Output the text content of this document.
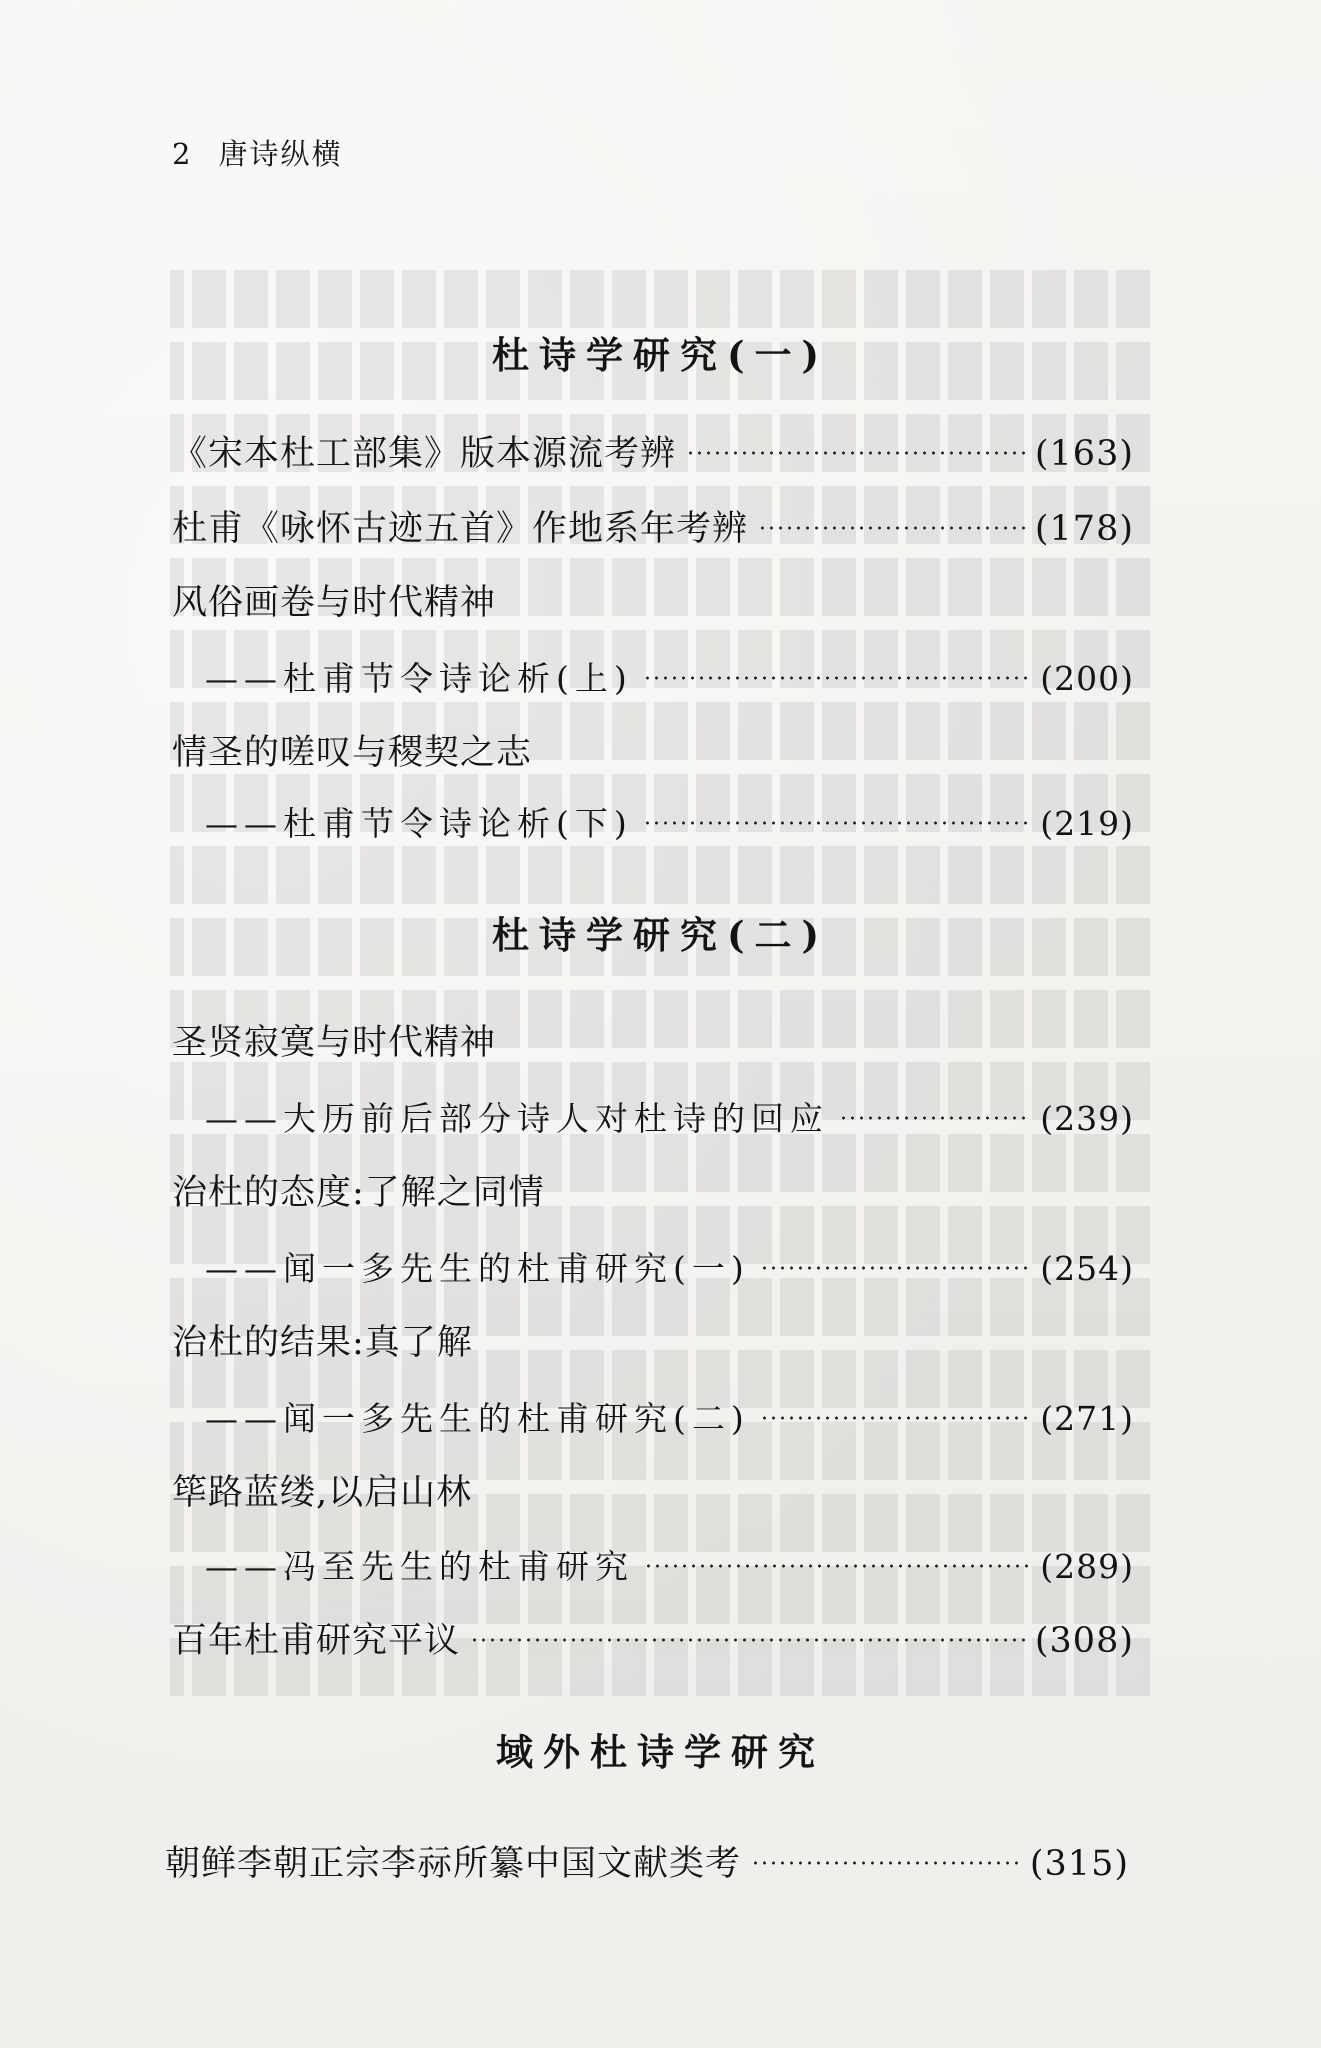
2 唐诗纵横
杜诗学研究(一)
《宋本杜工部集》版本源流考辨	(163)
杜甫《咏怀古迹五首》作地系年考辨	(178)
风俗画卷与时代精神
——杜甫节令诗论析(上)	(200)
情圣的嗟叹与稷契之志
——杜甫节令诗论析(下)	(219)
杜诗学研究(二)
圣贤寂寞与时代精神
——大历前后部分诗人对杜诗的回应	(239)
治杜的态度:了解之同情
——闻一多先生的杜甫研究(一)	(254)
治杜的结果:真了解
——闻一多先生的杜甫研究(二)	(271)
筚路蓝缕,以启山林
——冯至先生的杜甫研究	(289)
百年杜甫研究平议	(308)
域外杜诗学研究
朝鲜李朝正宗李祘所纂中国文献类考	(315)
